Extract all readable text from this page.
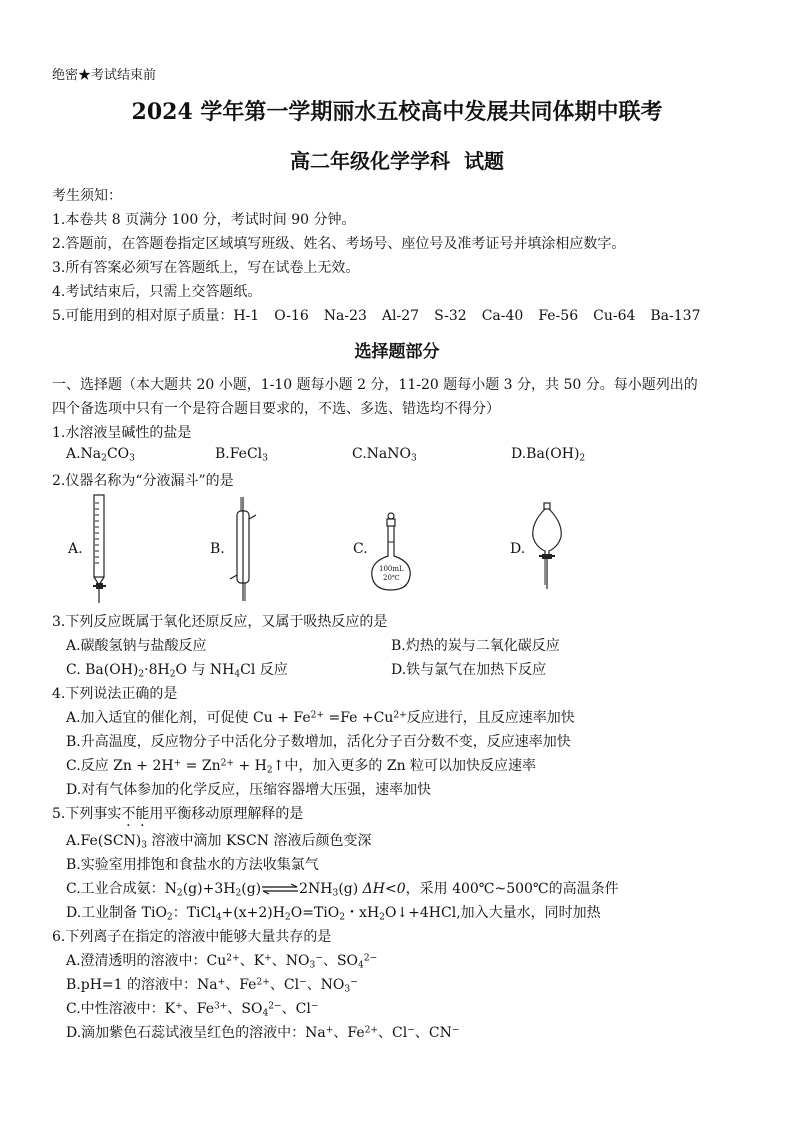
绝密★考试结束前
2024 学年第一学期丽水五校高中发展共同体期中联考
高二年级化学学科  试题
考生须知：
1.本卷共 8 页满分 100 分，考试时间 90 分钟。
2.答题前，在答题卷指定区域填写班级、姓名、考场号、座位号及准考证号并填涂相应数字。
3.所有答案必须写在答题纸上，写在试卷上无效。
4.考试结束后，只需上交答题纸。
5.可能用到的相对原子质量：H-1 O-16 Na-23 Al-27 S-32 Ca-40 Fe-56 Cu-64 Ba-137
选择题部分
一、选择题（本大题共 20 小题，1-10 题每小题 2 分，11-20 题每小题 3 分，共 50 分。每小题列出的
四个备选项中只有一个是符合题目要求的，不选、多选、错选均不得分）
1.水溶液呈碱性的盐是
$A.Na_2CO_3$	B.FeCl$_3$	C.NaNO$_3$	$D.Ba(OH)_2$
2.仪器名称为“分液漏斗”的是
A.	B.	C.
100mL
20℃
D.
3.下列反应既属于氧化还原反应，又属于吸热反应的是
A.碳酸氢钠与盐酸反应	B.灼热的炭与二氧化碳反应
C. $Ba(OH)_2\cdot 8H_2O$ 与 $NH_4Cl$ 反应	D.铁与氯气在加热下反应
4.下列说法正确的是
A.加入适宜的催化剂，可促使 $Cu + Fe^{2+} =Fe +Cu^{2+}$反应进行，且反应速率加快
B.升高温度，反应物分子中活化分子数增加，活化分子百分数不变，反应速率加快
C.反应 $Zn + 2H^+ = Zn^{2+}$ + $H_2↑$中，加入更多的 Zn 粒可以加快反应速率
D.对有气体参加的化学反应，压缩容器增大压强，速率加快
5.下列事实不能用平衡移动原理解释的是
$A.Fe(SCN)_3$ 溶液中滴加 KSCN 溶液后颜色变深
B.实验室用排饱和食盐水的方法收集氯气
C.工业合成氨：$N_2(g)+3H_2(g)\rightleftharpoons 2NH_3(g)$ ΔH<0，采用 400℃~500℃的高温条件
D.工业制备 TiO$_2$：$TiCl_4+(x+2)H_2O=TiO_2$・$xH_2O↓+4HCl$,加入大量水，同时加热
6.下列离子在指定的溶液中能够大量共存的是
A.澄清透明的溶液中：$Cu^{2+}$、K+、$NO_3^-$、$SO_4^{2-}$
B.pH=1 的溶液中：Na+、$Fe^{2+}$、Cl−、$NO_3^-$
C.中性溶液中：K+、$Fe^{3+}$、$SO_4^{2-}$、Cl−
D.滴加紫色石蕊试液呈红色的溶液中：Na+、$Fe^{2+}$、Cl−、CN−
